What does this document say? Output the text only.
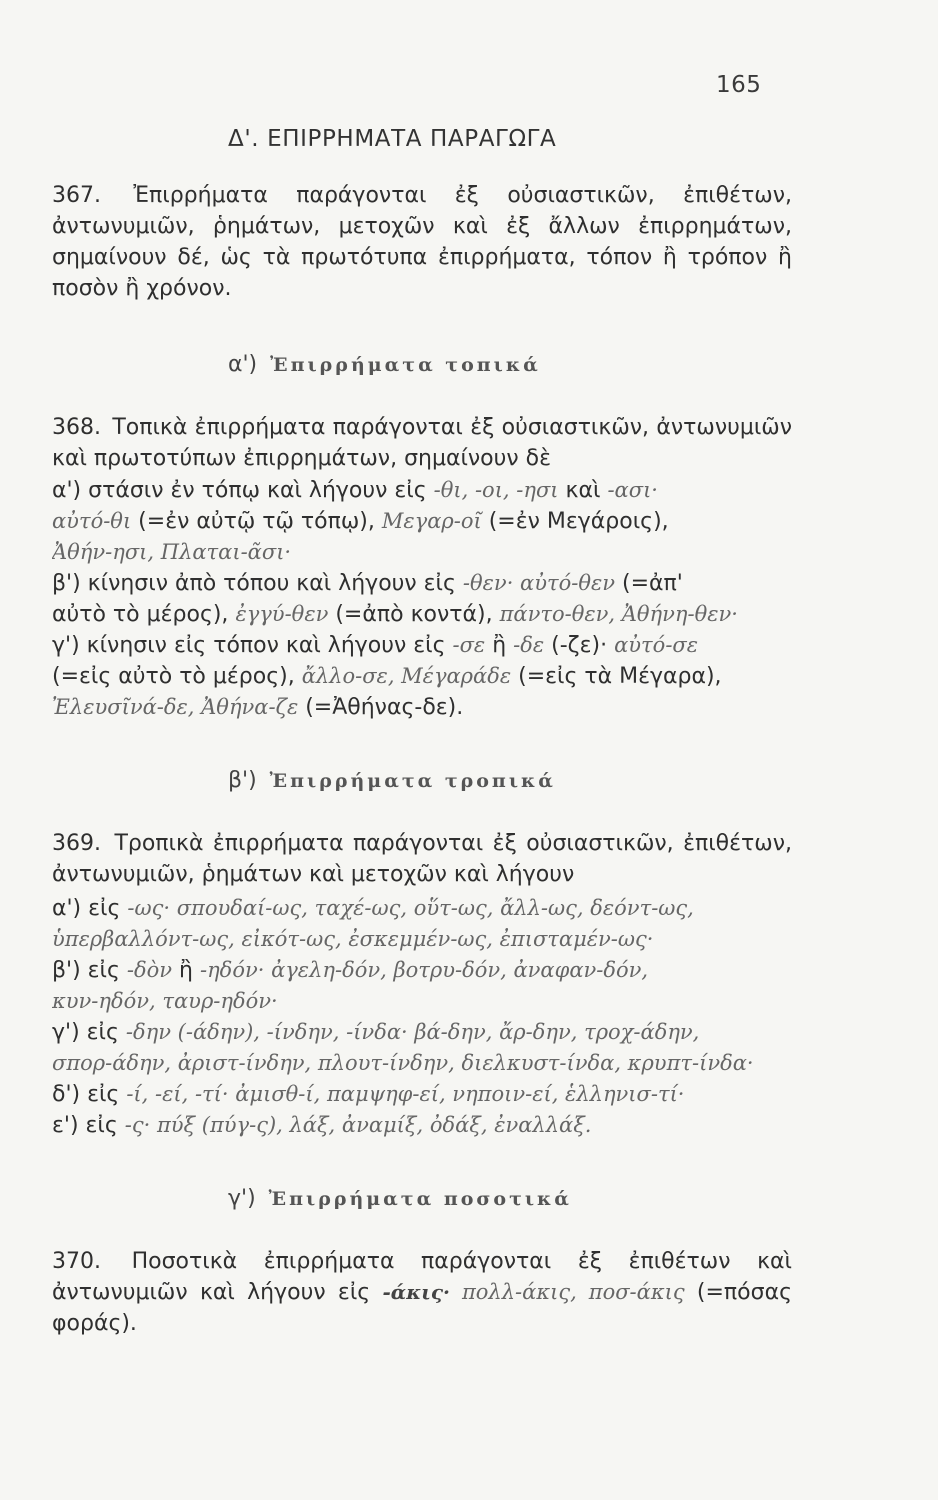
165
Δ'. ΕΠΙΡΡΗΜΑΤΑ ΠΑΡΑΓΩΓΑ
367. Ἐπιρρήματα παράγονται ἐξ οὐσιαστικῶν, ἐπιθέτων, ἀντωνυμιῶν, ῥημάτων, μετοχῶν καὶ ἐξ ἄλλων ἐπιρρημάτων, σημαίνουν δέ, ὡς τὰ πρωτότυπα ἐπιρρήματα, τόπον ἢ τρόπον ἢ ποσὸν ἢ χρόνον.
α') Ἐπιρρήματα τοπικά
368. Τοπικὰ ἐπιρρήματα παράγονται ἐξ οὐσιαστικῶν, ἀντωνυμιῶν καὶ πρωτοτύπων ἐπιρρημάτων, σημαίνουν δὲ
α') στάσιν ἐν τόπῳ καὶ λήγουν εἰς -θι, -οι, -ησι καὶ -ασι·
αὐτό-θι (=ἐν αὐτῷ τῷ τόπῳ), Μεγαρ-οῖ (=ἐν Μεγάροις),
Ἀθήν-ησι, Πλαται-ᾶσι·
β') κίνησιν ἀπὸ τόπου καὶ λήγουν εἰς -θεν· αὐτό-θεν (=ἀπ'
αὐτὸ τὸ μέρος), ἐγγύ-θεν (=ἀπὸ κοντά), πάντο-θεν, Ἀθήνη-θεν·
γ') κίνησιν εἰς τόπον καὶ λήγουν εἰς -σε ἢ -δε (-ζε)· αὐτό-σε
(=εἰς αὐτὸ τὸ μέρος), ἄλλο-σε, Μέγαράδε (=εἰς τὰ Μέγαρα),
Ἐλευσῖνά-δε, Ἀθήνα-ζε (=Ἀθήνας-δε).
β') Ἐπιρρήματα τροπικά
369. Τροπικὰ ἐπιρρήματα παράγονται ἐξ οὐσιαστικῶν, ἐπιθέτων, ἀντωνυμιῶν, ῥημάτων καὶ μετοχῶν καὶ λήγουν
α') εἰς -ως· σπουδαί-ως, ταχέ-ως, οὕτ-ως, ἄλλ-ως, δεόντ-ως,
ὑπερβαλλόντ-ως, εἰκότ-ως, ἐσκεμμέν-ως, ἐπισταμέν-ως·
β') εἰς -δὸν ἢ -ηδόν· ἀγελη-δόν, βοτρυ-δόν, ἀναφαν-δόν,
κυν-ηδόν, ταυρ-ηδόν·
γ') εἰς -δην (-άδην), -ίνδην, -ίνδα· βά-δην, ἄρ-δην, τροχ-άδην,
σπορ-άδην, ἀριστ-ίνδην, πλουτ-ίνδην, διελκυστ-ίνδα, κρυπτ-ίνδα·
δ') εἰς -ί, -εί, -τί· ἀμισθ-ί, παμψηφ-εί, νηποιν-εί, ἑλληνισ-τί·
ε') εἰς -ς· πύξ (πύγ-ς), λάξ, ἀναμίξ, ὀδάξ, ἐναλλάξ.
γ') Ἐπιρρήματα ποσοτικά
370. Ποσοτικὰ ἐπιρρήματα παράγονται ἐξ ἐπιθέτων καὶ ἀντωνυμιῶν καὶ λήγουν εἰς -άκις· πολλ-άκις, ποσ-άκις (=πόσας φοράς).
